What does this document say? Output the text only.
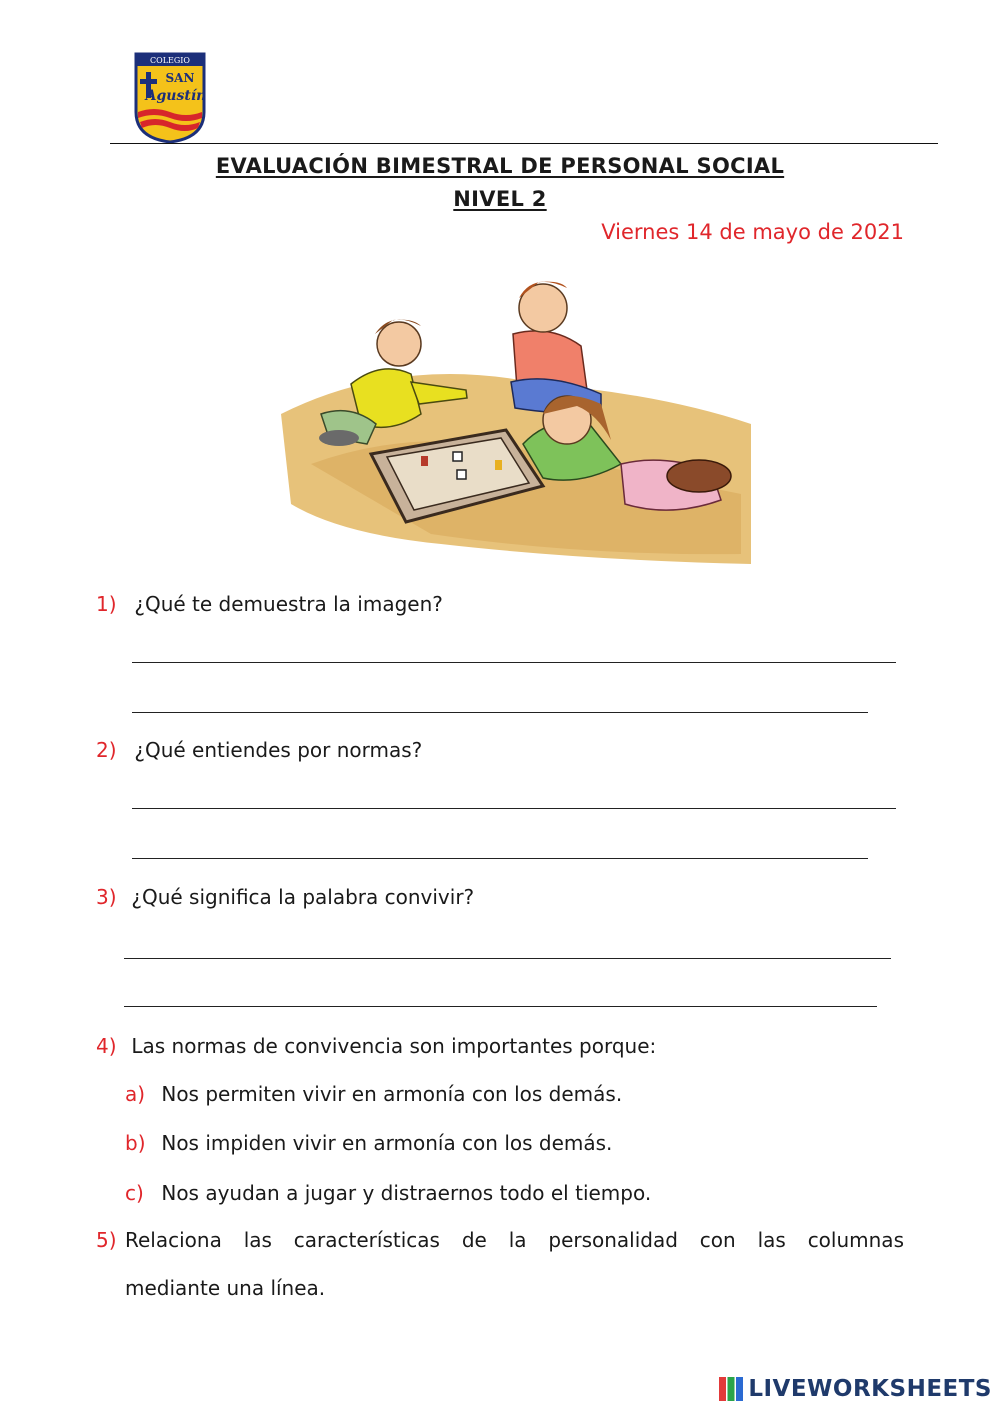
COLEGIO
SAN
Agustín
EVALUACIÓN BIMESTRAL DE PERSONAL SOCIAL
NIVEL 2
Viernes 14 de mayo de 2021
1) ¿Qué te demuestra la imagen?
2) ¿Qué entiendes por normas?
3) ¿Qué significa la palabra convivir?
4) Las normas de convivencia son importantes porque:
a) Nos permiten vivir en armonía con los demás.
b) Nos impiden vivir en armonía con los demás.
c) Nos ayudan a jugar y distraernos todo el tiempo.
5) Relaciona las características de la personalidad con las columnas
mediante una línea.
LIVEWORKSHEETS
